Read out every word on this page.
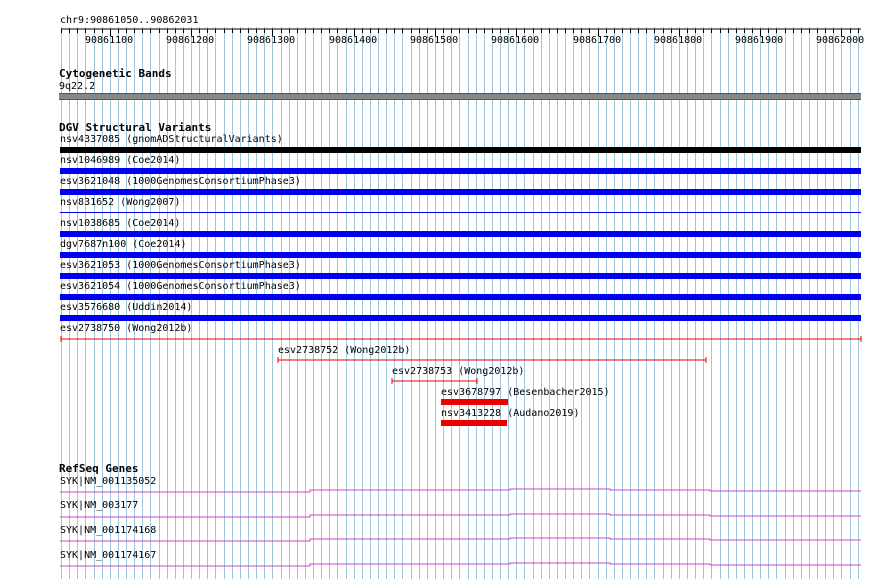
chr9:90861050..90862031
90861100	90861200	90861300	90861400	90861500	90861600	90861700	90861800	90861900	90862000
Cytogenetic Bands
9q22.2
DGV Structural Variants
nsv4337085 (gnomADStructuralVariants)
nsv1046989 (Coe2014)
esv3621048 (1000GenomesConsortiumPhase3)
nsv831652 (Wong2007)
nsv1038685 (Coe2014)
dgv7687n100 (Coe2014)
esv3621053 (1000GenomesConsortiumPhase3)
esv3621054 (1000GenomesConsortiumPhase3)
esv3576680 (Uddin2014)
esv2738750 (Wong2012b)
esv2738752 (Wong2012b)
esv2738753 (Wong2012b)
esv3678797 (Besenbacher2015)
nsv3413228 (Audano2019)
RefSeq Genes
SYK|NM_001135052
SYK|NM_003177
SYK|NM_001174168
SYK|NM_001174167
